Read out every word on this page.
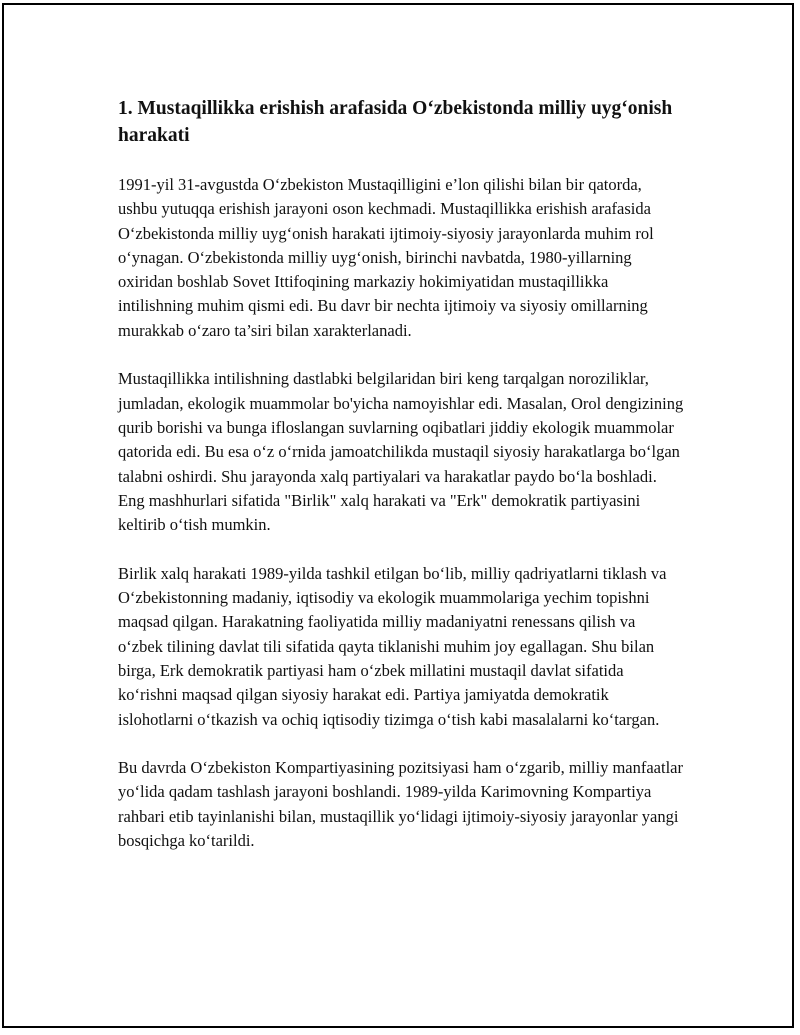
1. Mustaqillikka erishish arafasida O‘zbekistonda milliy uyg‘onish harakati

1991-yil 31-avgustda O‘zbekiston Mustaqilligini e’lon qilishi bilan bir qatorda, ushbu yutuqqa erishish jarayoni oson kechmadi. Mustaqillikka erishish arafasida O‘zbekistonda milliy uyg‘onish harakati ijtimoiy-siyosiy jarayonlarda muhim rol o‘ynagan. O‘zbekistonda milliy uyg‘onish, birinchi navbatda, 1980-yillarning oxiridan boshlab Sovet Ittifoqining markaziy hokimiyatidan mustaqillikka intilishning muhim qismi edi. Bu davr bir nechta ijtimoiy va siyosiy omillarning murakkab o‘zaro ta’siri bilan xarakterlanadi.

Mustaqillikka intilishning dastlabki belgilaridan biri keng tarqalgan noroziliklar, jumladan, ekologik muammolar bo'yicha namoyishlar edi. Masalan, Orol dengizining qurib borishi va bunga ifloslangan suvlarning oqibatlari jiddiy ekologik muammolar qatorida edi. Bu esa o‘z o‘rnida jamoatchilikda mustaqil siyosiy harakatlarga bo‘lgan talabni oshirdi. Shu jarayonda xalq partiyalari va harakatlar paydo bo‘la boshladi. Eng mashhurlari sifatida "Birlik" xalq harakati va "Erk" demokratik partiyasini keltirib o‘tish mumkin.

Birlik xalq harakati 1989-yilda tashkil etilgan bo‘lib, milliy qadriyatlarni tiklash va O‘zbekistonning madaniy, iqtisodiy va ekologik muammolariga yechim topishni maqsad qilgan. Harakatning faoliyatida milliy madaniyatni renessans qilish va o‘zbek tilining davlat tili sifatida qayta tiklanishi muhim joy egallagan. Shu bilan birga, Erk demokratik partiyasi ham o‘zbek millatini mustaqil davlat sifatida ko‘rishni maqsad qilgan siyosiy harakat edi. Partiya jamiyatda demokratik islohotlarni o‘tkazish va ochiq iqtisodiy tizimga o‘tish kabi masalalarni ko‘targan.

Bu davrda O‘zbekiston Kompartiyasining pozitsiyasi ham o‘zgarib, milliy manfaatlar yo‘lida qadam tashlash jarayoni boshlandi. 1989-yilda Karimovning Kompartiya rahbari etib tayinlanishi bilan, mustaqillik yo‘lidagi ijtimoiy-siyosiy jarayonlar yangi bosqichga ko‘tarildi.
